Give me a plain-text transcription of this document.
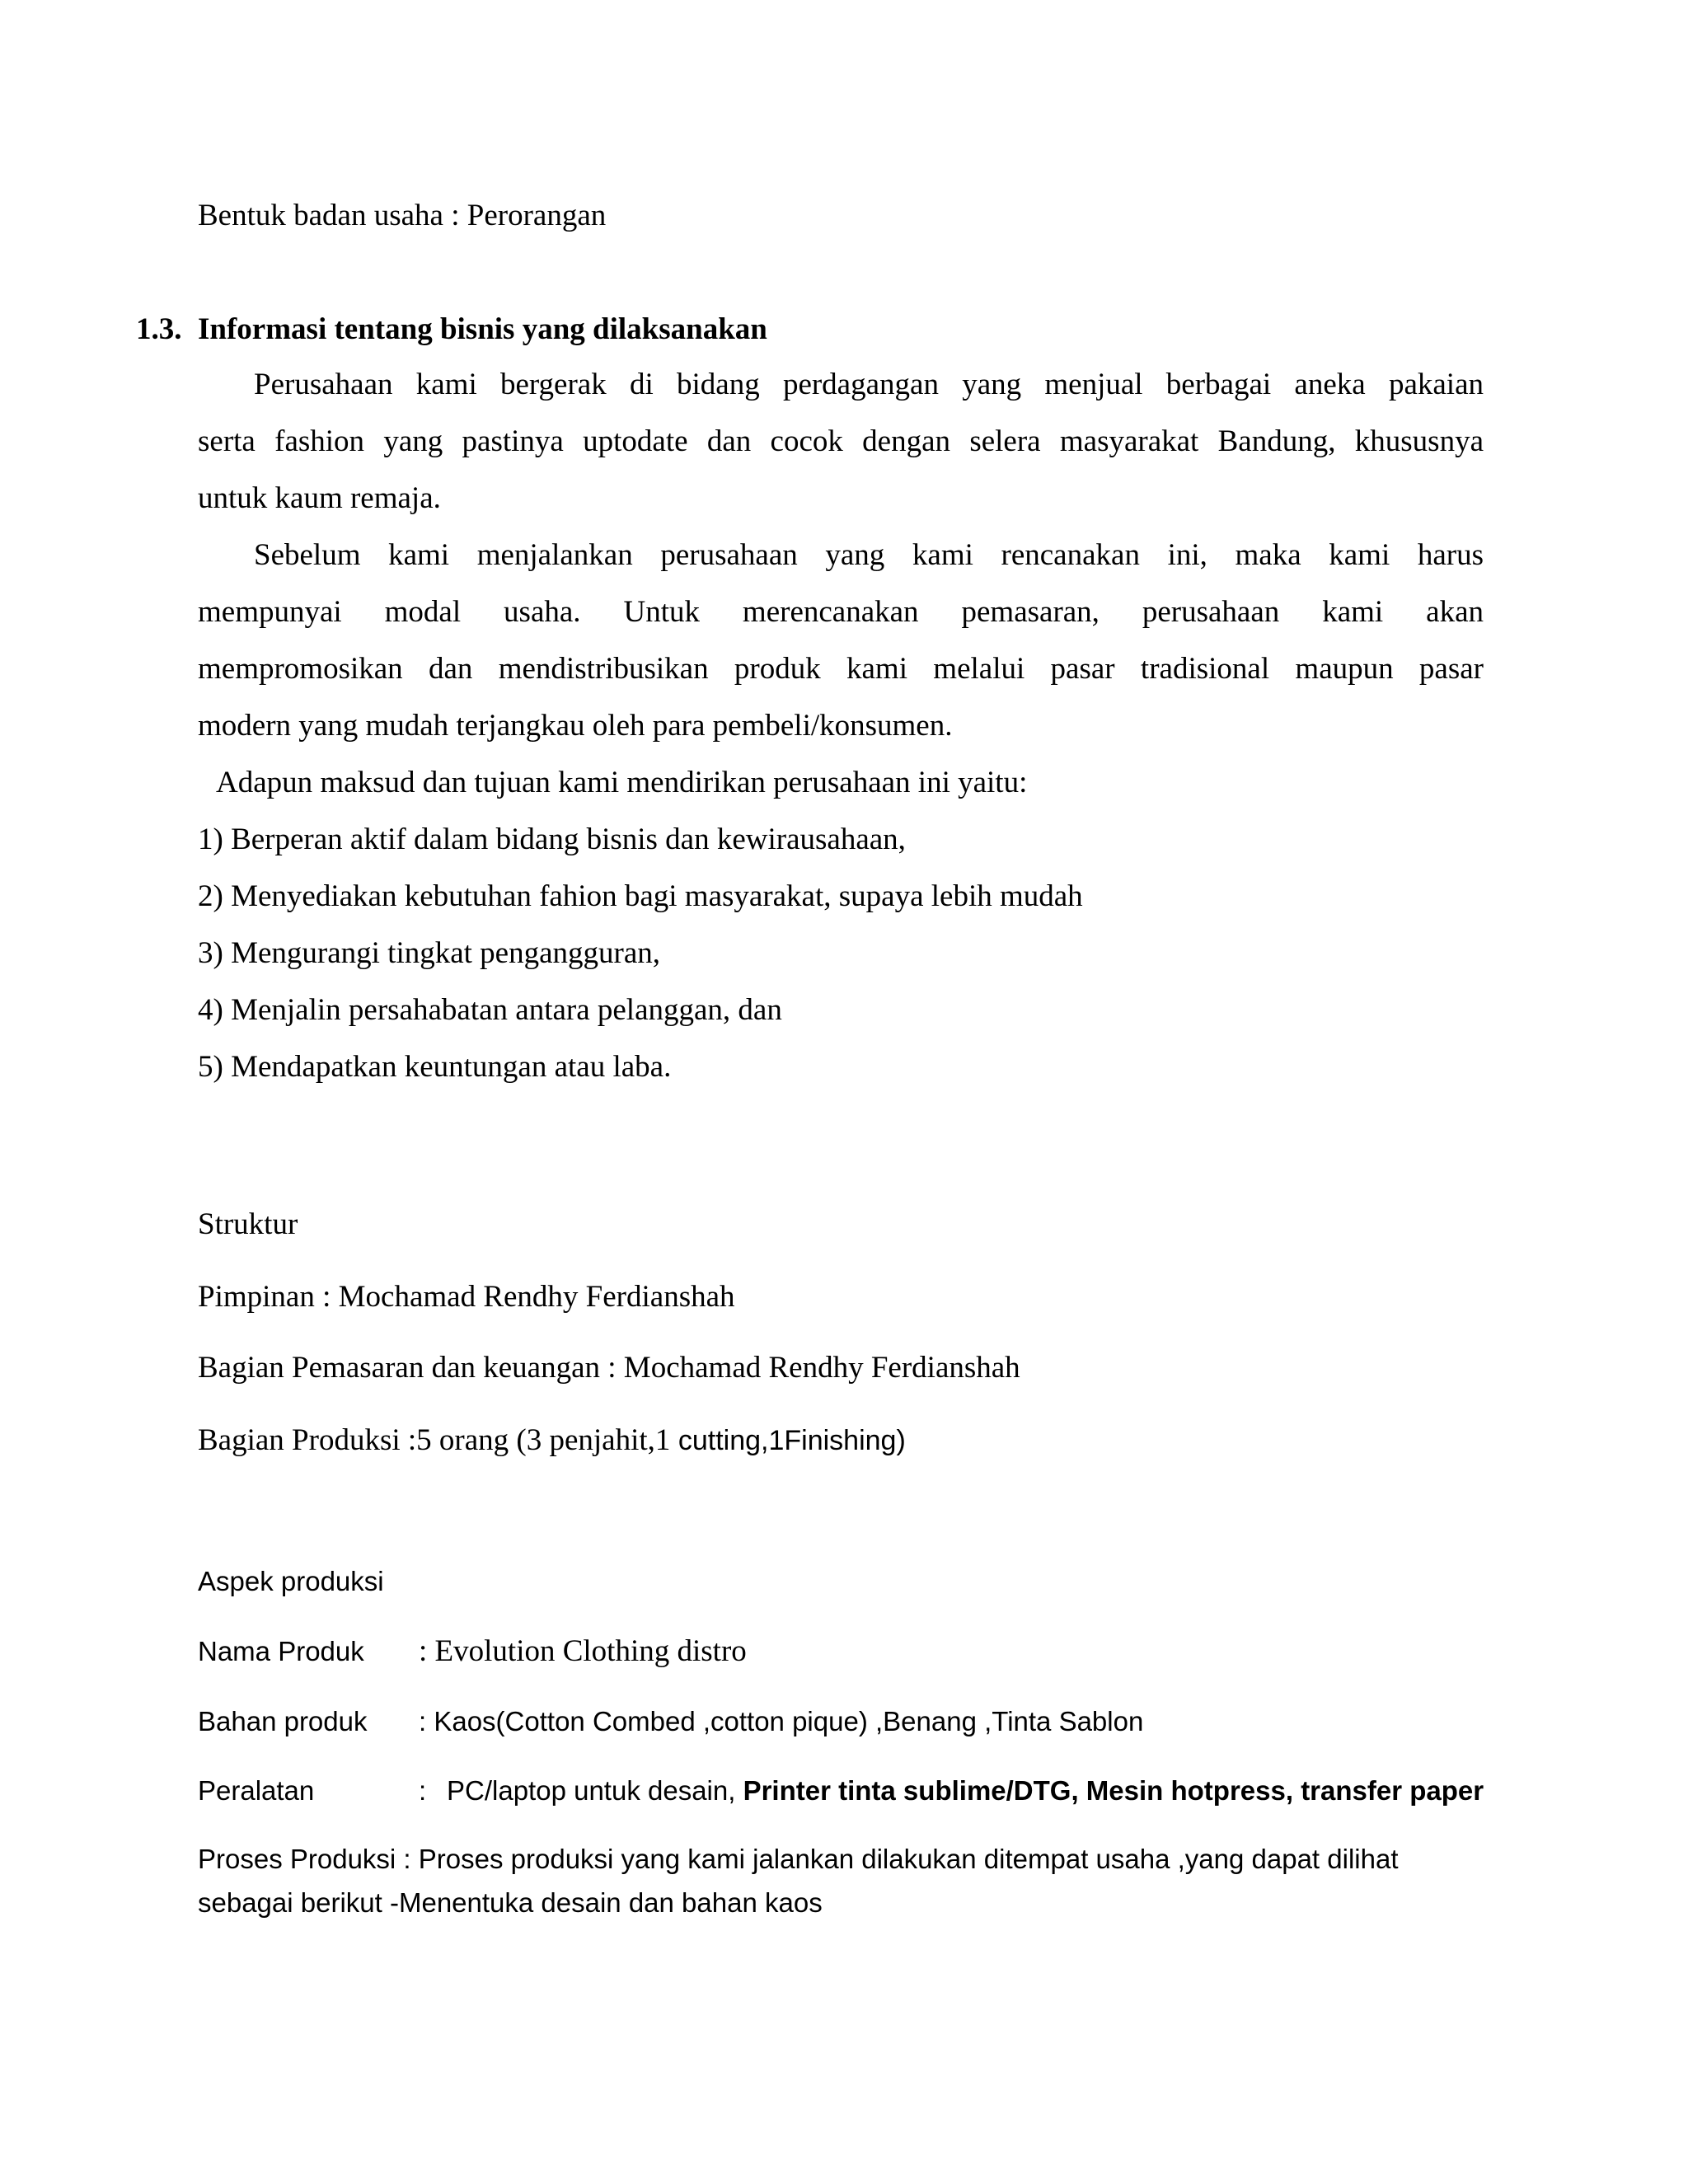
Bentuk badan usaha : Perorangan
1.3. Informasi tentang bisnis yang dilaksanakan
Perusahaan kami bergerak di bidang perdagangan yang menjual berbagai aneka pakaian
serta fashion yang pastinya uptodate dan cocok dengan selera masyarakat Bandung, khususnya
untuk kaum remaja.
Sebelum kami menjalankan perusahaan yang kami rencanakan ini, maka kami harus
mempunyai modal usaha. Untuk merencanakan pemasaran, perusahaan kami akan
mempromosikan dan mendistribusikan produk kami melalui pasar tradisional maupun pasar
modern yang mudah terjangkau oleh para pembeli/konsumen.
Adapun maksud dan tujuan kami mendirikan perusahaan ini yaitu:
1) Berperan aktif dalam bidang bisnis dan kewirausahaan,
2) Menyediakan kebutuhan fahion bagi masyarakat, supaya lebih mudah
3) Mengurangi tingkat pengangguran,
4) Menjalin persahabatan antara pelanggan, dan
5) Mendapatkan keuntungan atau laba.
Struktur
Pimpinan : Mochamad Rendhy Ferdianshah
Bagian Pemasaran dan keuangan : Mochamad Rendhy Ferdianshah
Bagian Produksi :5 orang (3 penjahit,1 cutting,1Finishing)
Aspek produksi
Nama Produk : Evolution Clothing distro
Bahan produk : Kaos(Cotton Combed ,cotton pique) ,Benang ,Tinta Sablon
Peralatan	: PC/laptop untuk desain, Printer tinta sublime/DTG, Mesin hotpress, transfer paper
Proses Produksi : Proses produksi yang kami jalankan dilakukan ditempat usaha ,yang dapat dilihat
sebagai berikut -Menentuka desain dan bahan kaos
